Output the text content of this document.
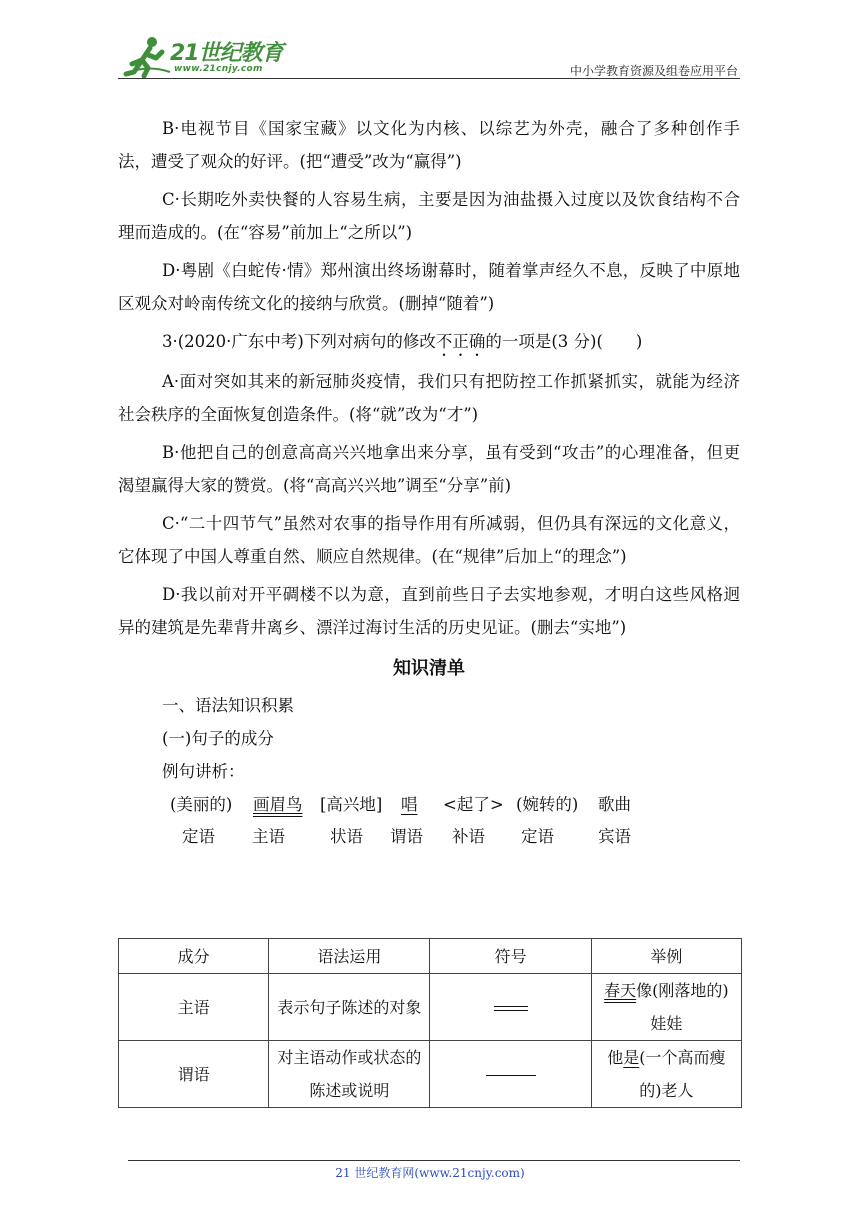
21世纪教育
www.21cnjy.com	中小学教育资源及组卷应用平台

B·电视节目《国家宝藏》以文化为内核、以综艺为外壳，融合了多种创作手法，遭受了观众的好评。(把“遭受”改为“赢得”)

C·长期吃外卖快餐的人容易生病，主要是因为油盐摄入过度以及饮食结构不合理而造成的。(在“容易”前加上“之所以”)

D·粤剧《白蛇传·情》郑州演出终场谢幕时，随着掌声经久不息，反映了中原地区观众对岭南传统文化的接纳与欣赏。(删掉“随着”)

3·(2020·广东中考)下列对病句的修改不正确的一项是(3 分)(　　)

A·面对突如其来的新冠肺炎疫情，我们只有把防控工作抓紧抓实，就能为经济社会秩序的全面恢复创造条件。(将“就”改为“才”)

B·他把自己的创意高高兴兴地拿出来分享，虽有受到“攻击”的心理准备，但更渴望赢得大家的赞赏。(将“高高兴兴地”调至“分享”前)

C·“二十四节气”虽然对农事的指导作用有所减弱，但仍具有深远的文化意义，它体现了中国人尊重自然、顺应自然规律。(在“规律”后加上“的理念”)

D·我以前对开平碉楼不以为意，直到前些日子去实地参观，才明白这些风格迥异的建筑是先辈背井离乡、漂洋过海讨生活的历史见证。(删去“实地”)

知识清单
一、语法知识积累
(一)句子的成分
例句讲析：
(美丽的) 画眉鸟 [高兴地] 唱 <起了> (婉转的) 歌曲
定语 主语	状语 谓语 补语 定语	宾语
成分	语法运用	符号	举例
主语	表示句子陈述的对象		春天像(刚落地的)娃娃
谓语	对主语动作或状态的陈述或说明		他是(一个高而瘦的)老人
21 世纪教育网(www.21cnjy.com)
